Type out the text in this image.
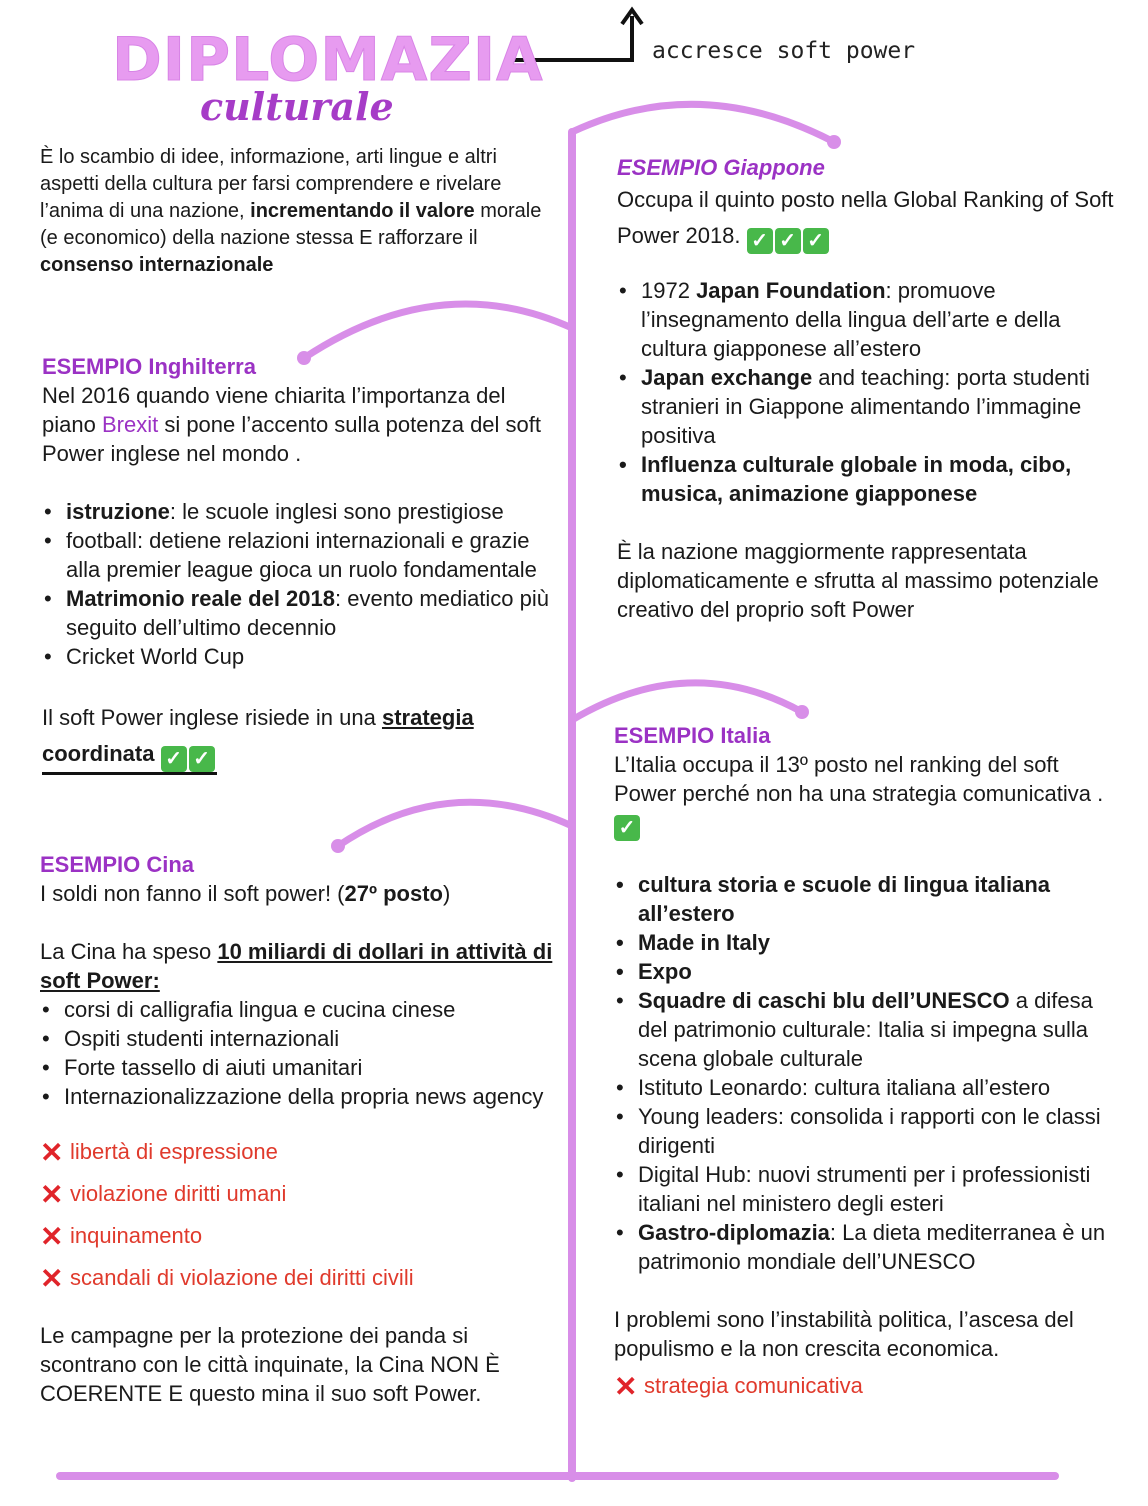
DIPLOMAZIA
culturale
accresce soft power
È lo scambio di idee, informazione, arti lingue e altri aspetti della cultura per farsi comprendere e rivelare l’anima di una nazione, incrementando il valore morale (e economico) della nazione stessa E rafforzare il consenso internazionale
ESEMPIO Inghilterra
Nel 2016 quando viene chiarita l’importanza del piano Brexit si pone l’accento sulla potenza del soft Power inglese nel mondo .
• istruzione: le scuole inglesi sono prestigiose
• football: detiene relazioni internazionali e grazie alla premier league gioca un ruolo fondamentale
• Matrimonio reale del 2018: evento mediatico più seguito dell’ultimo decennio
• Cricket World Cup
Il soft Power inglese risiede in una strategia
coordinata ✓ ✓
ESEMPIO Cina
I soldi non fanno il soft power! (27º posto)
La Cina ha speso 10 miliardi di dollari in attività di soft Power:
• corsi di calligrafia lingua e cucina cinese
• Ospiti studenti internazionali
• Forte tassello di aiuti umanitari
• Internazionalizzazione della propria news agency
✕ libertà di espressione
✕ violazione diritti umani
✕ inquinamento
✕ scandali di violazione dei diritti civili
Le campagne per la protezione dei panda si scontrano con le città inquinate, la Cina NON È COERENTE E questo mina il suo soft Power.
ESEMPIO Giappone
Occupa il quinto posto nella Global Ranking of Soft Power 2018. ✓ ✓ ✓
• 1972 Japan Foundation: promuove l’insegnamento della lingua dell’arte e della cultura giapponese all’estero
• Japan exchange and teaching: porta studenti stranieri in Giappone alimentando l’immagine positiva
• Influenza culturale globale in moda, cibo, musica, animazione giapponese
È la nazione maggiormente rappresentata diplomaticamente e sfrutta al massimo potenziale creativo del proprio soft Power
ESEMPIO Italia
L’Italia occupa il 13º posto nel ranking del soft Power perché non ha una strategia comunicativa . ✓
• cultura storia e scuole di lingua italiana all’estero
• Made in Italy
• Expo
• Squadre di caschi blu dell’UNESCO a difesa del patrimonio culturale: Italia si impegna sulla scena globale culturale
• Istituto Leonardo: cultura italiana all’estero
• Young leaders: consolida i rapporti con le classi dirigenti
• Digital Hub: nuovi strumenti per i professionisti italiani nel ministero degli esteri
• Gastro-diplomazia: La dieta mediterranea è un patrimonio mondiale dell’UNESCO
I problemi sono l’instabilità politica, l’ascesa del populismo e la non crescita economica.
✕ strategia comunicativa
